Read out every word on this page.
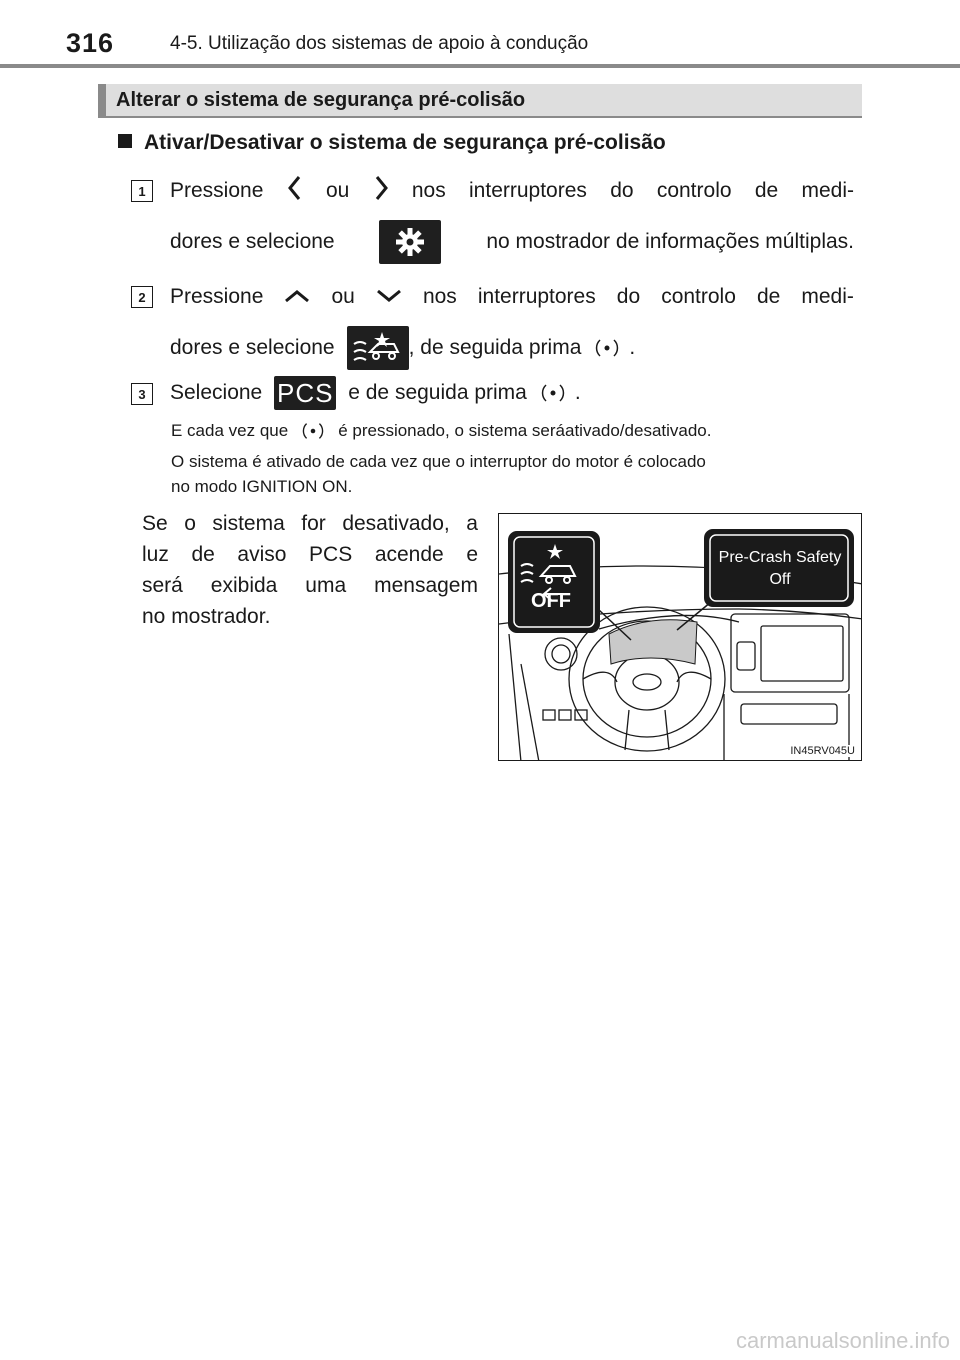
316	4-5. Utilização dos sistemas de apoio à condução
Alterar o sistema de segurança pré-colisão
Ativar/Desativar o sistema de segurança pré-colisão
1	Pressione	ou	nos interruptores do controlo de medi-
dores e selecione	no mostrador de informações múltiplas.
2	Pressione	ou	nos interruptores do controlo de medi-
dores e selecione	, de seguida prima .
3	Selecione PCS e de seguida prima .
E cada vez que	é pressionado, o sistema seráativado/desativado.
O sistema é ativado de cada vez que o interruptor do motor é colocado
no modo IGNITION ON.
Se o sistema for desativado, a
luz de aviso PCS acende e
será exibida uma mensagem
no mostrador.
IN45RV045U
OFF
Pre-Crash Safety
Off
carmanualsonline.info
